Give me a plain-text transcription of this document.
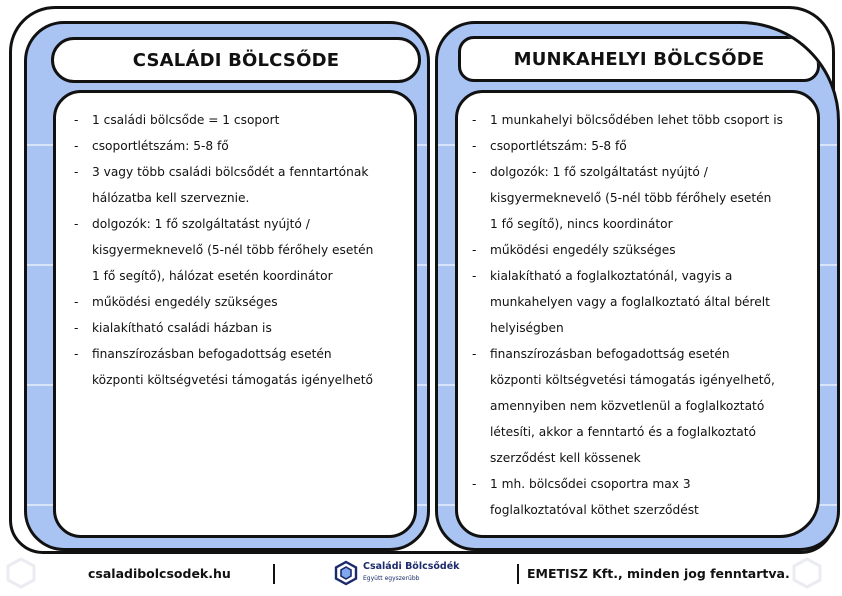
CSALÁDI BÖLCSŐDE
- 1 családi bölcsőde = 1 csoport
- csoportlétszám: 5-8 fő
- 3 vagy több családi bölcsődét a fenntartónak
hálózatba kell szerveznie.
- dolgozók: 1 fő szolgáltatást nyújtó /
kisgyermeknevelő (5-nél több férőhely esetén
1 fő segítő), hálózat esetén koordinátor
- működési engedély szükséges
- kialakítható családi házban is
- finanszírozásban befogadottság esetén
központi költségvetési támogatás igényelhető
MUNKAHELYI BÖLCSŐDE
- 1 munkahelyi bölcsődében lehet több csoport is
- csoportlétszám: 5-8 fő
- dolgozók: 1 fő szolgáltatást nyújtó /
kisgyermeknevelő (5-nél több férőhely esetén
1 fő segítő), nincs koordinátor
- működési engedély szükséges
- kialakítható a foglalkoztatónál, vagyis a
munkahelyen vagy a foglalkoztató által bérelt
helyiségben
- finanszírozásban befogadottság esetén
központi költségvetési támogatás igényelhető,
amennyiben nem közvetlenül a foglalkoztató
létesíti, akkor a fenntartó és a foglalkoztató
szerződést kell kössenek
- 1 mh. bölcsődei csoportra max 3
foglalkoztatóval köthet szerződést
csaladibolcsodek.hu	Családi Bölcsődék
Együtt egyszerűbb	EMETISZ Kft., minden jog fenntartva.
